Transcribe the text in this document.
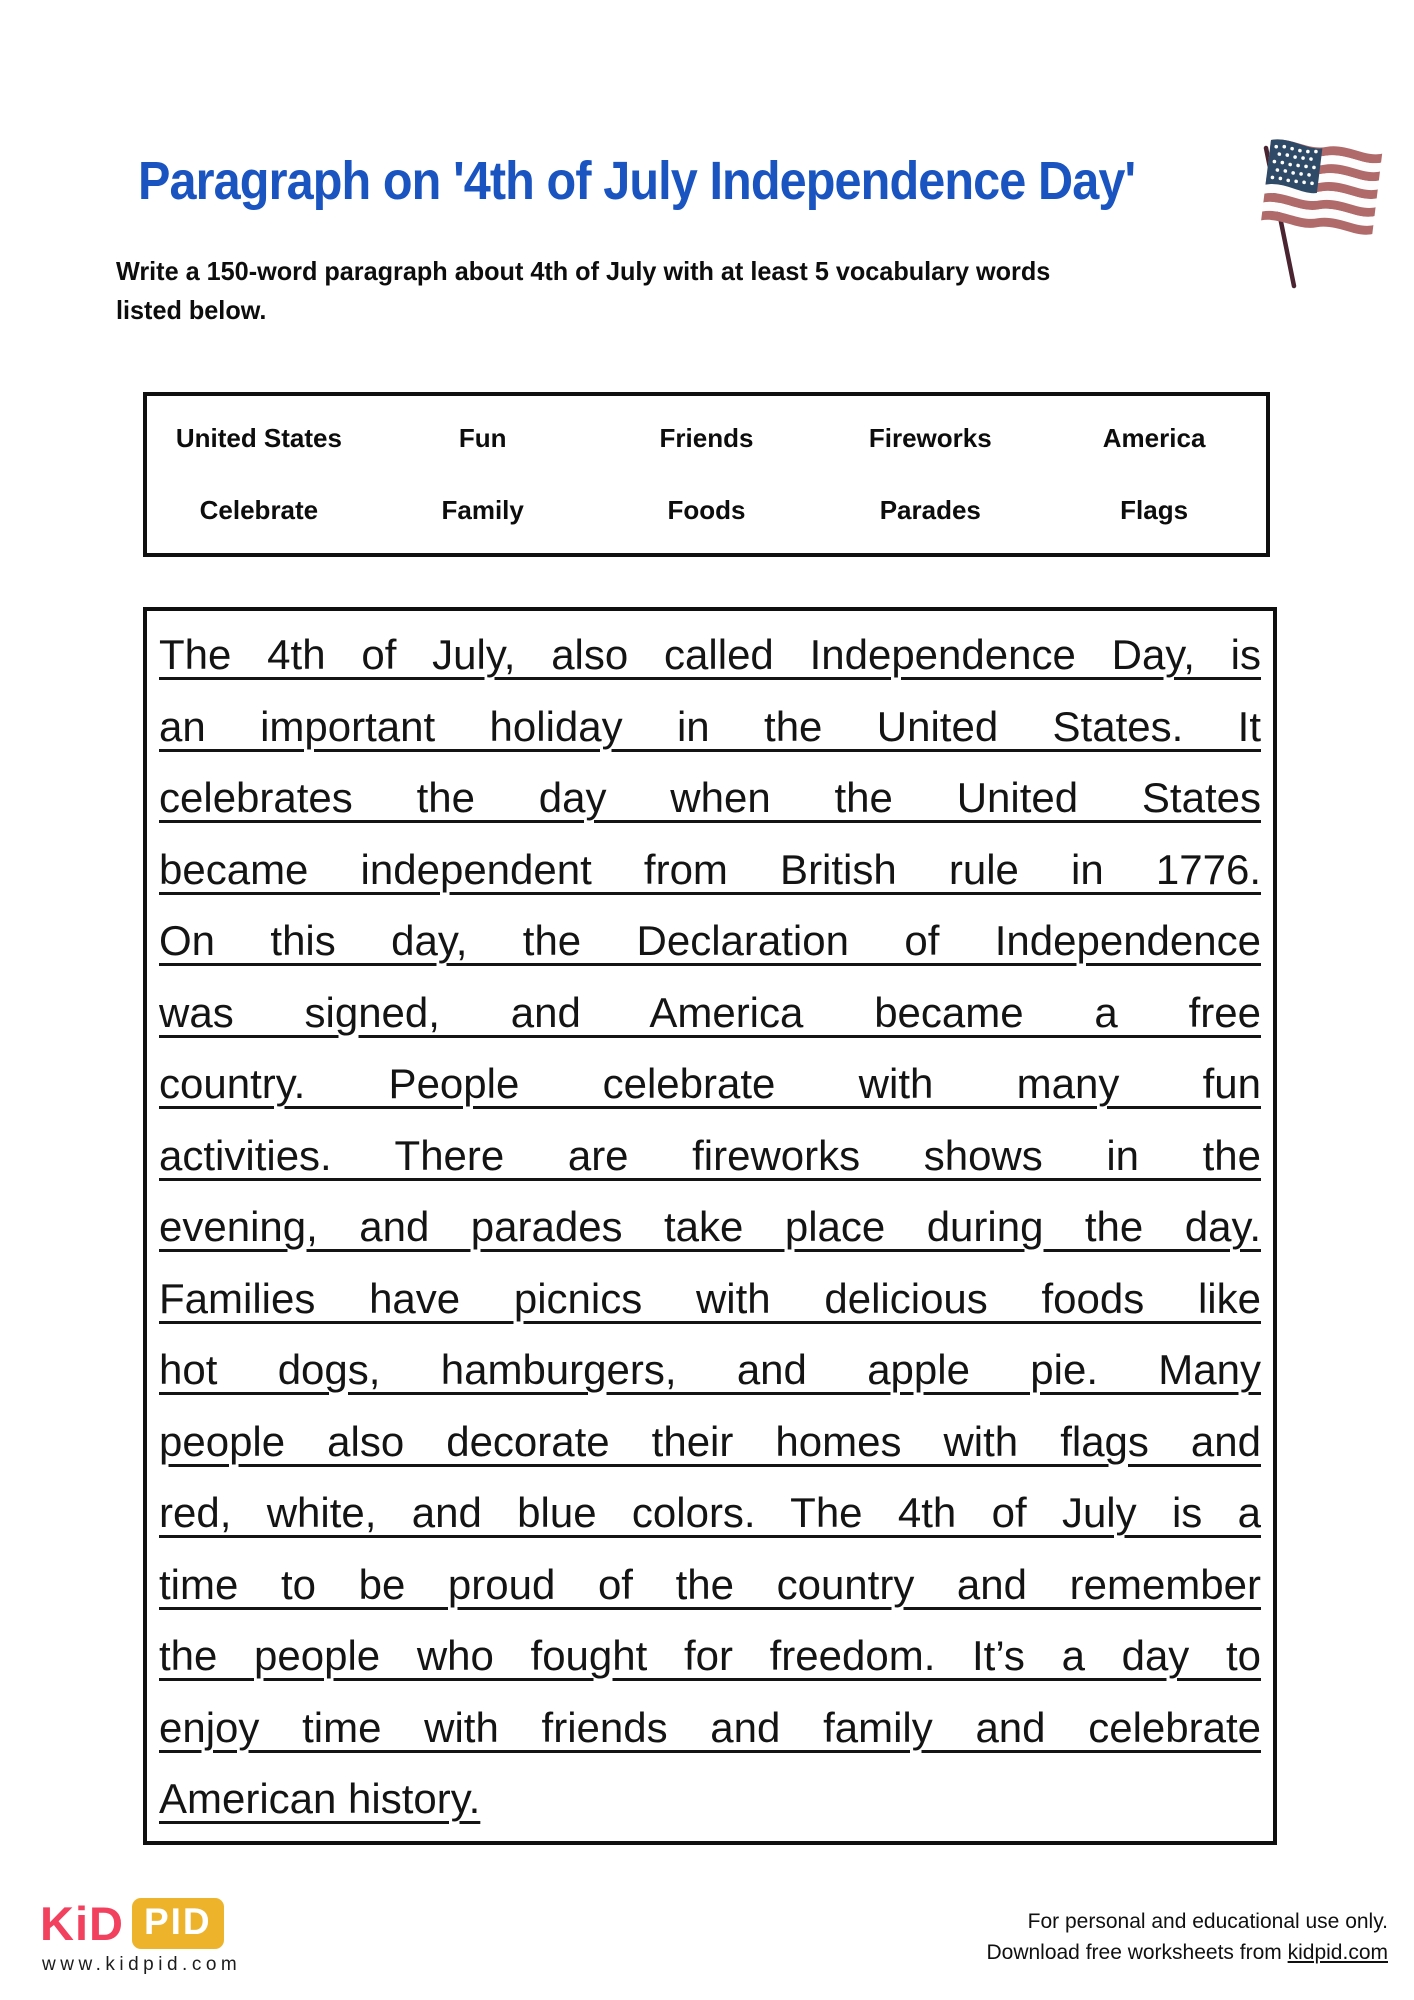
Paragraph on '4th of July Independence Day'
Write a 150-word paragraph about 4th of July with at least 5 vocabulary words
listed below.
United States	Fun	Friends	Fireworks	America
Celebrate	Family	Foods	Parades	Flags
The 4th of July, also called Independence Day, is
an important holiday in the United States. It
celebrates the day when the United States
became independent from British rule in 1776.
On this day, the Declaration of Independence
was signed, and America became a free
country. People celebrate with many fun
activities. There are fireworks shows in the
evening, and parades take place during the day.
Families have picnics with delicious foods like
hot dogs, hamburgers, and apple pie. Many
people also decorate their homes with flags and
red, white, and blue colors. The 4th of July is a
time to be proud of the country and remember
the people who fought for freedom. It’s a day to
enjoy time with friends and family and celebrate
American history.
KiD PID
www.kidpid.com
For personal and educational use only.
Download free worksheets from kidpid.com
